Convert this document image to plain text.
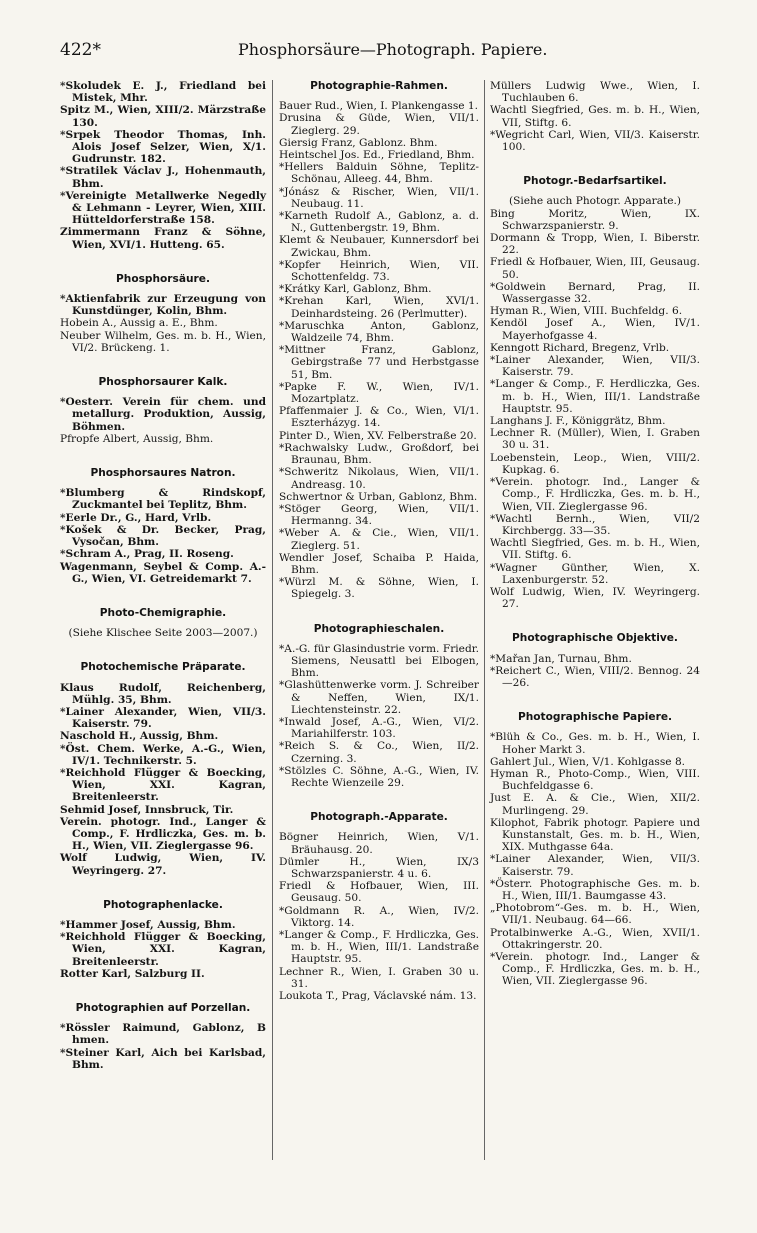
422*	Phosphorsäure—Photograph. Papiere.
*Skoludek E. J., Friedland bei Mistek, Mhr.
Spitz M., Wien, XIII/2. Märzstraße 130.
*Srpek Theodor Thomas, Inh. Alois Josef Selzer, Wien, X/1. Gudrunstr. 182.
*Stratilek Václav J., Hohenmauth, Bhm.
*Vereinigte Metallwerke Negedly & Lehmann - Leyrer, Wien, XIII. Hütteldorferstraße 158.
Zimmermann Franz & Söhne, Wien, XVI/1. Hutteng. 65.
Phosphorsäure.
*Aktienfabrik zur Erzeugung von Kunstdünger, Kolin, Bhm.
Hobein A., Aussig a. E., Bhm.
Neuber Wilhelm, Ges. m. b. H., Wien, VI/2. Brückeng. 1.
Phosphorsaurer Kalk.
*Oesterr. Verein für chem. und metallurg. Produktion, Aussig, Böhmen.
Pfropfe Albert, Aussig, Bhm.
Phosphorsaures Natron.
*Blumberg & Rindskopf, Zuckmantel bei Teplitz, Bhm.
*Eerle Dr., G., Hard, Vrlb.
*Košek & Dr. Becker, Prag, Vysočan, Bhm.
*Schram A., Prag, II. Roseng.
Wagenmann, Seybel & Comp. A.-G., Wien, VI. Getreidemarkt 7.
Photo-Chemigraphie.
(Siehe Klischee Seite 2003—2007.)
Photochemische Präparate.
Klaus Rudolf, Reichenberg, Mühlg. 35, Bhm.
*Lainer Alexander, Wien, VII/3. Kaiserstr. 79.
Naschold H., Aussig, Bhm.
*Öst. Chem. Werke, A.-G., Wien, IV/1. Technikerstr. 5.
*Reichhold Flügger & Boecking, Wien, XXI. Kagran, Breitenleerstr.
Sehmid Josef, Innsbruck, Tir.
Verein. photogr. Ind., Langer & Comp., F. Hrdliczka, Ges. m. b. H., Wien, VII. Zieglergasse 96.
Wolf Ludwig, Wien, IV. Weyringerg. 27.
Photographenlacke.
*Hammer Josef, Aussig, Bhm.
*Reichhold Flügger & Boecking, Wien, XXI. Kagran, Breitenleerstr.
Rotter Karl, Salzburg II.
Photographien auf Porzellan.
*Rössler Raimund, Gablonz, B hmen.
*Steiner Karl, Aich bei Karlsbad, Bhm.
Photographie-Rahmen.
Bauer Rud., Wien, I. Plankengasse 1.
Drusina & Güde, Wien, VII/1. Zieglerg. 29.
Giersig Franz, Gablonz. Bhm.
Heintschel Jos. Ed., Friedland, Bhm.
*Hellers Balduin Söhne, Teplitz-Schönau, Alleeg. 44, Bhm.
*Jónász & Rischer, Wien, VII/1. Neubaug. 11.
*Karneth Rudolf A., Gablonz, a. d. N., Guttenbergstr. 19, Bhm.
Klemt & Neubauer, Kunnersdorf bei Zwickau, Bhm.
*Kopfer Heinrich, Wien, VII. Schottenfeldg. 73.
*Krátky Karl, Gablonz, Bhm.
*Krehan Karl, Wien, XVI/1. Deinhardsteing. 26 (Perlmutter).
*Maruschka Anton, Gablonz, Waldzeile 74, Bhm.
*Mittner Franz, Gablonz, Gebirgstraße 77 und Herbstgasse 51, Bm.
*Papke F. W., Wien, IV/1. Mozartplatz.
Pfaffenmaier J. & Co., Wien, VI/1. Eszterházyg. 14.
Pinter D., Wien, XV. Felberstraße 20.
*Rachwalsky Ludw., Großdorf, bei Braunau, Bhm.
*Schweritz Nikolaus, Wien, VII/1. Andreasg. 10.
Schwertnor & Urban, Gablonz, Bhm.
*Stöger Georg, Wien, VII/1. Hermanng. 34.
*Weber A. & Cie., Wien, VII/1. Zieglerg. 51.
Wendler Josef, Schaiba P. Haida, Bhm.
*Würzl M. & Söhne, Wien, I. Spiegelg. 3.
Photographieschalen.
*A.-G. für Glasindustrie vorm. Friedr. Siemens, Neusattl bei Elbogen, Bhm.
*Glashüttenwerke vorm. J. Schreiber & Neffen, Wien, IX/1. Liechtensteinstr. 22.
*Inwald Josef, A.-G., Wien, VI/2. Mariahilferstr. 103.
*Reich S. & Co., Wien, II/2. Czerning. 3.
*Stölzles C. Söhne, A.-G., Wien, IV. Rechte Wienzeile 29.
Photograph.-Apparate.
Bögner Heinrich, Wien, V/1. Bräuhausg. 20.
Dümler H., Wien, IX/3 Schwarzspanierstr. 4 u. 6.
Friedl & Hofbauer, Wien, III. Geusaug. 50.
*Goldmann R. A., Wien, IV/2. Viktorg. 14.
*Langer & Comp., F. Hrdliczka, Ges. m. b. H., Wien, III/1. Landstraße Hauptstr. 95.
Lechner R., Wien, I. Graben 30 u. 31.
Loukota T., Prag, Václavské nám. 13.
Müllers Ludwig Wwe., Wien, I. Tuchlauben 6.
Wachtl Siegfried, Ges. m. b. H., Wien, VII, Stiftg. 6.
*Wegricht Carl, Wien, VII/3. Kaiserstr. 100.
Photogr.-Bedarfsartikel.
(Siehe auch Photogr. Apparate.)
Bing Moritz, Wien, IX. Schwarzspanierstr. 9.
Dormann & Tropp, Wien, I. Biberstr. 22.
Friedl & Hofbauer, Wien, III, Geusaug. 50.
*Goldwein Bernard, Prag, II. Wassergasse 32.
Hyman R., Wien, VIII. Buchfeldg. 6.
Kendöl Josef A., Wien, IV/1. Mayerhofgasse 4.
Kenngott Richard, Bregenz, Vrlb.
*Lainer Alexander, Wien, VII/3. Kaiserstr. 79.
*Langer & Comp., F. Herdliczka, Ges. m. b. H., Wien, III/1. Landstraße Hauptstr. 95.
Langhans J. F., Königgrätz, Bhm.
Lechner R. (Müller), Wien, I. Graben 30 u. 31.
Loebenstein, Leop., Wien, VIII/2. Kupkag. 6.
*Verein. photogr. Ind., Langer & Comp., F. Hrdliczka, Ges. m. b. H., Wien, VII. Zieglergasse 96.
*Wachtl Bernh., Wien, VII/2 Kirchbergg. 33—35.
Wachtl Siegfried, Ges. m. b. H., Wien, VII. Stiftg. 6.
*Wagner Günther, Wien, X. Laxenburgerstr. 52.
Wolf Ludwig, Wien, IV. Weyringerg. 27.
Photographische Objektive.
*Mařan Jan, Turnau, Bhm.
*Reichert C., Wien, VIII/2. Bennog. 24—26.
Photographische Papiere.
*Blüh & Co., Ges. m. b. H., Wien, I. Hoher Markt 3.
Gahlert Jul., Wien, V/1. Kohlgasse 8.
Hyman R., Photo-Comp., Wien, VIII. Buchfeldgasse 6.
Just E. A. & Cie., Wien, XII/2. Murlingeng. 29.
Kilophot, Fabrik photogr. Papiere und Kunstanstalt, Ges. m. b. H., Wien, XIX. Muthgasse 64a.
*Lainer Alexander, Wien, VII/3. Kaiserstr. 79.
*Österr. Photographische Ges. m. b. H., Wien, III/1. Baumgasse 43.
„Photobrom“-Ges. m. b. H., Wien, VII/1. Neubaug. 64—66.
Protalbinwerke A.-G., Wien, XVII/1. Ottakringerstr. 20.
*Verein. photogr. Ind., Langer & Comp., F. Hrdliczka, Ges. m. b. H., Wien, VII. Zieglergasse 96.
